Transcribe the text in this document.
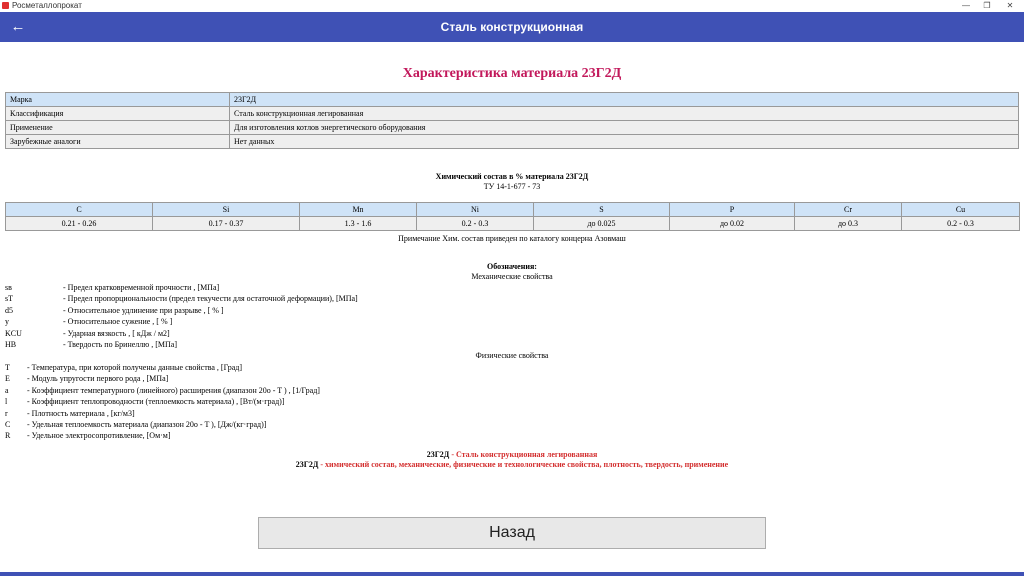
Росметаллопрокат	—	❐	✕
←	Сталь конструкционная
Характеристика материала 23Г2Д
Марка	23Г2Д
Классификация	Сталь конструкционная легированная
Применение	Для изготовления котлов энергетического оборудования
Зарубежные аналоги	Нет данных
Химический состав в % материала 23Г2Д
ТУ 14-1-677 - 73
C	Si	Mn	Ni	S	P	Cr	Cu
0.21 - 0.26	0.17 - 0.37	1.3 - 1.6	0.2 - 0.3	до 0.025	до 0.02	до 0.3	0.2 - 0.3
Примечание Хим. состав приведен по каталогу концерна Азовмаш
Обозначения:
Механические свойства
sв	- Предел кратковременной прочности , [МПа]
sT	- Предел пропорциональности (предел текучести для остаточной деформации), [МПа]
d5	- Относительное удлинение при разрыве , [ % ]
y	- Относительное сужение , [ % ]
KCU	- Ударная вязкость , [ кДж / м2]
HB	- Твердость по Бринеллю , [МПа]
Физические свойства
T - Температура, при которой получены данные свойства , [Град]
E - Модуль упругости первого рода , [МПа]
a - Коэффициент температурного (линейного) расширения (диапазон 20o - T ) , [1/Град]
l - Коэффициент теплопроводности (теплоемкость материала) , [Вт/(м·град)]
r - Плотность материала , [кг/м3]
C - Удельная теплоемкость материала (диапазон 20o - T ), [Дж/(кг·град)]
R - Удельное электросопротивление, [Ом·м]
23Г2Д - Сталь конструкционная легированная
23Г2Д - химический состав, механические, физические и технологические свойства, плотность, твердость, применение
Назад
